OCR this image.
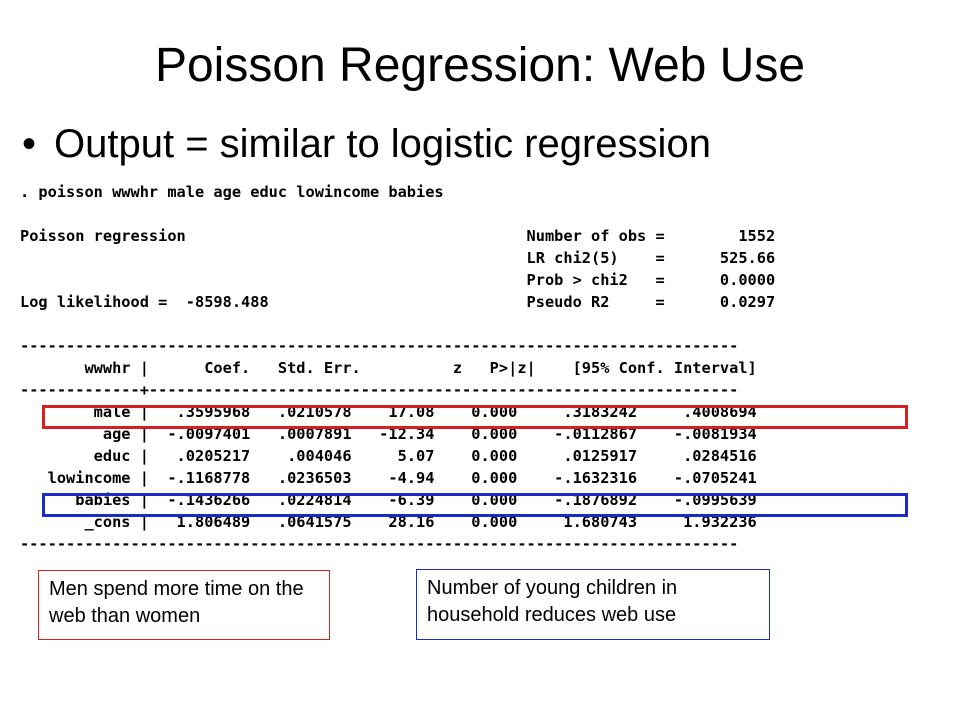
Poisson Regression: Web Use
• Output = similar to logistic regression
. poisson wwwhr male age educ lowincome babies
Poisson regression                                     Number of obs =        1552
LR chi2(5)    =      525.66
Prob > chi2   =      0.0000
Log likelihood =  -8598.488                            Pseudo R2     =      0.0297
------------------------------------------------------------------------------
wwwhr |      Coef.   Std. Err.          z   P>|z|    [95% Conf. Interval]
-------------+----------------------------------------------------------------
male |   .3595968   .0210578    17.08    0.000     .3183242     .4008694
age |  -.0097401   .0007891   -12.34    0.000    -.0112867    -.0081934
educ |   .0205217    .004046     5.07    0.000     .0125917     .0284516
lowincome |  -.1168778   .0236503    -4.94    0.000    -.1632316    -.0705241
babies |  -.1436266   .0224814    -6.39    0.000    -.1876892    -.0995639
_cons |   1.806489   .0641575    28.16    0.000     1.680743     1.932236
------------------------------------------------------------------------------
Men spend more time on the web than women
Number of young children in household reduces web use
